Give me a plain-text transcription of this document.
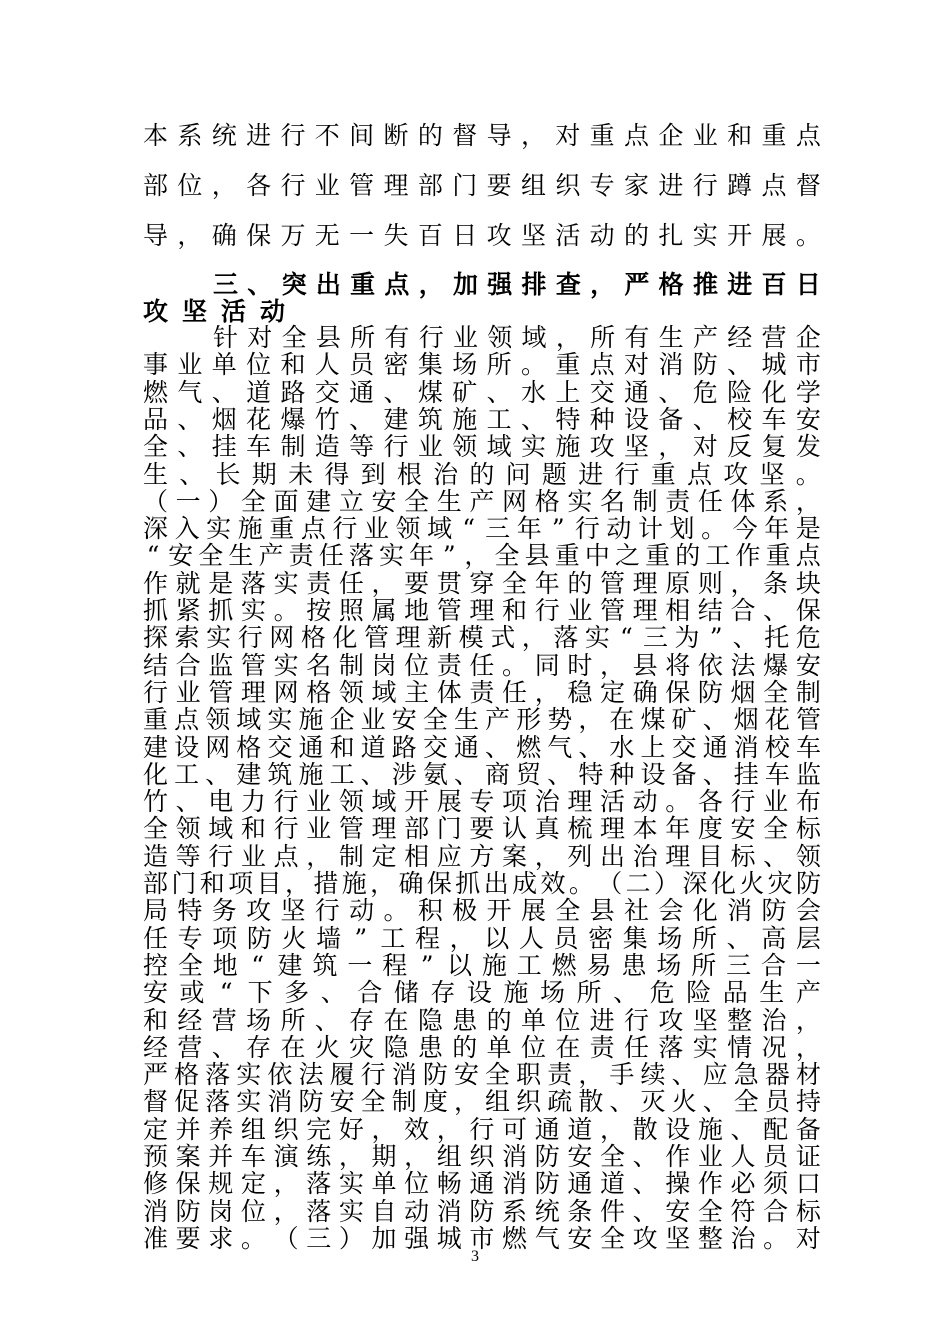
本 系 统 进 行 不 间 断 的 督 导 ， 对 重 点 企 业 和 重 点
部 位 ， 各 行 业 管 理 部 门 要 组 织 专 家 进 行 蹲 点 督
导 ， 确 保 万 无 一 失 百 日 攻 坚 活 动 的 扎 实 开 展 。
三 、 突 出 重 点 ， 加 强 排 查 ， 严 格 推 进 百 日
攻 坚 活 动
针 对 全 县 所 有 行 业 领 域 ， 所 有 生 产 经 营 企
事 业 单 位 和 人 员 密 集 场 所 。 重 点 对 消 防 、 城 市
燃 气 、 道 路 交 通 、 煤 矿 、 水 上 交 通 、 危 险 化 学
品 、 烟 花 爆 竹 、 建 筑 施 工 、 特 种 设 备 、 校 车 安
全 、 挂 车 制 造 等 行 业 领 域 实 施 攻 坚 ， 对 反 复 发
生 、 长 期 未 得 到 根 治 的 问 题 进 行 重 点 攻 坚 。
（ 一 ） 全 面 建 立 安 全 生 产 网 格 实 名 制 责 任 体 系 ，
深 入 实 施 重 点 行 业 领 域 “ 三 年 ” 行 动 计 划 。 今 年 是
“ 安 全 生 产 责 任 落 实 年 ” ， 全 县 重 中 之 重 的 工 作 重 点
作 就 是 落 实 责 任 ， 要 贯 穿 全 年 的 管 理 原 则 ， 条 块
抓 紧 抓 实 。 按 照 属 地 管 理 和 行 业 管 理 相 结 合 、 保
探 索 实 行 网 格 化 管 理 新 模 式 ， 落 实 “ 三 为 ” 、 托 危
结 合 监 管 实 名 制 岗 位 责 任 。 同 时 ， 县 将 依 法 爆 安
行 业 管 理 网 格 领 域 主 体 责 任 ， 稳 定 确 保 防 烟 全 制
重 点 领 域 实 施 企 业 安 全 生 产 形 势 ， 在 煤 矿 、 烟 花 管
建 设 网 格 交 通 和 道 路 交 通 、 燃 气 、 水 上 交 通 消 校 车
化 工 、 建 筑 施 工 、 涉 氨 、 商 贸 、 特 种 设 备 、 挂 车 监
竹 、 电 力 行 业 领 域 开 展 专 项 治 理 活 动 。 各 行 业 布
全 领 域 和 行 业 管 理 部 门 要 认 真 梳 理 本 年 度 安 全 标
造 等 行 业 点 ， 制 定 相 应 方 案 ， 列 出 治 理 目 标 、 领
部 门 和 项 目 ， 措 施 ， 确 保 抓 出 成 效 。 （ 二 ） 深 化 火 灾 防
局 特 务 攻 坚 行 动 。 积 极 开 展 全 县 社 会 化 消 防 会
任 专 项 防 火 墙 ” 工 程 ， 以 人 员 密 集 场 所 、 高 层
控 全 地 “ 建 筑 一 程 ” 以 施 工 燃 易 患 场 所 三 合 一
安 或 “ 下 多 、 合 储 存 设 施 场 所 、 危 险 品 生 产
和 经 营 场 所 、 存 在 隐 患 的 单 位 进 行 攻 坚 整 治 ，
经 营 、 存 在 火 灾 隐 患 的 单 位 在 责 任 落 实 情 况 ，
严 格 落 实 依 法 履 行 消 防 安 全 职 责 ， 手 续 、 应 急 器 材
督 促 落 实 消 防 安 全 制 度 ， 组 织 疏 散 、 灭 火 、 全 员 持
定 并 养 组 织 完 好 ， 效 ， 行 可 通 道 ， 散 设 施 、 配 备
预 案 并 车 演 练 ， 期 ， 组 织 消 防 安 全 、 作 业 人 员 证
修 保 规 定 ， 落 实 单 位 畅 通 消 防 通 道 、 操 作 必 须 口
消 防 岗 位 ， 落 实 自 动 消 防 系 统 条 件 、 安 全 符 合 标
准 要 求 。 （ 三 ） 加 强 城 市 燃 气 安 全 攻 坚 整 治 。 对
3
